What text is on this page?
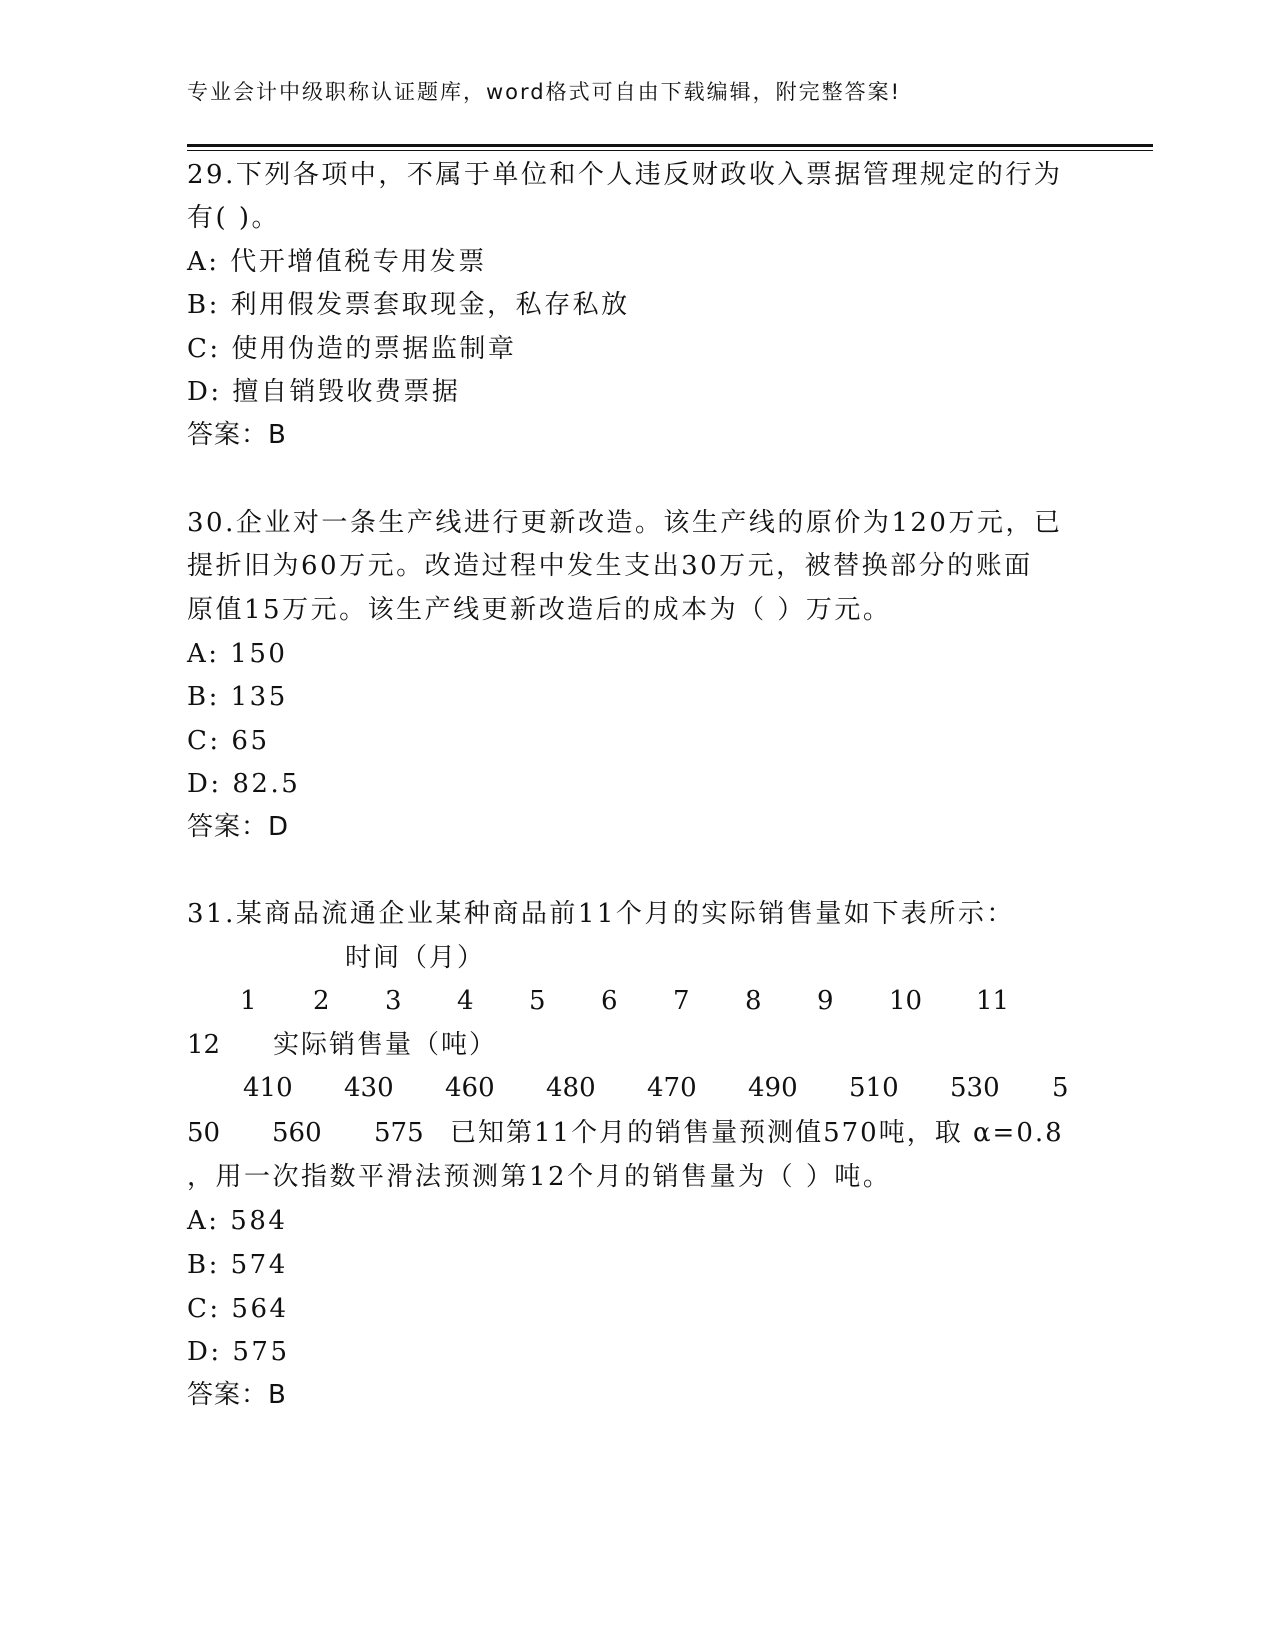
专业会计中级职称认证题库，word格式可自由下载编辑，附完整答案!
29.下列各项中，不属于单位和个人违反财政收入票据管理规定的行为
有( )。
A: 代开增值税专用发票
B: 利用假发票套取现金，私存私放
C: 使用伪造的票据监制章
D: 擅自销毁收费票据
答案：B
30.企业对一条生产线进行更新改造。该生产线的原价为120万元，已
提折旧为60万元。改造过程中发生支出30万元，被替换部分的账面
原值15万元。该生产线更新改造后的成本为（ ）万元。
A: 150
B: 135
C: 65
D: 82.5
答案：D
31.某商品流通企业某种商品前11个月的实际销售量如下表所示：
时间（月）
1 2 3 4 5 6 7 8 9 10 11
12 实际销售量（吨）
410 430 460 480 470 490 510 530 5
50 560 575 已知第11个月的销售量预测值570吨，取 α=0.8
，用一次指数平滑法预测第12个月的销售量为（ ）吨。
A: 584
B: 574
C: 564
D: 575
答案：B
